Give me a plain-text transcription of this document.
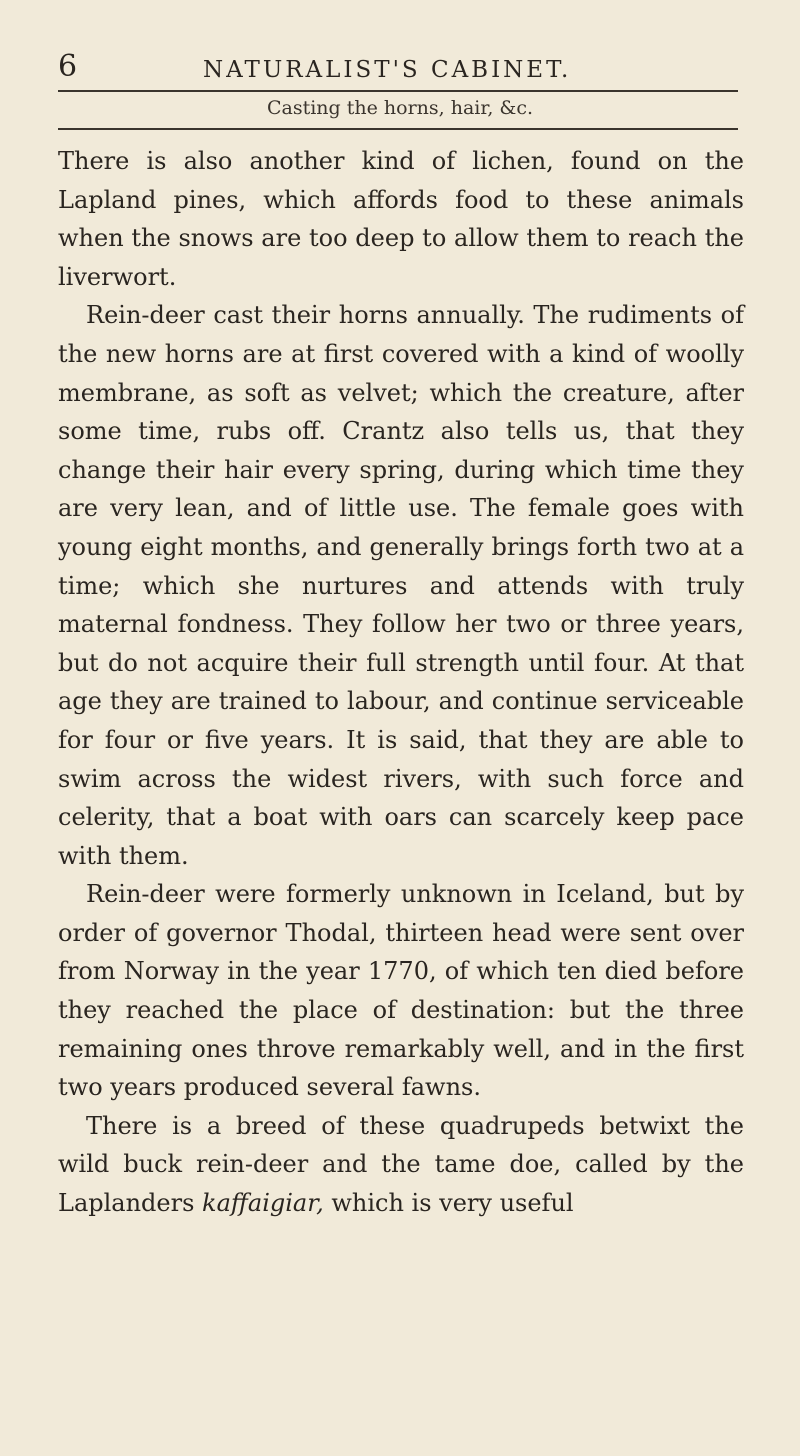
6	NATURALIST'S CABINET.
Casting the horns, hair, &c.

There is also another kind of lichen, found on the Lapland pines, which affords food to these animals when the snows are too deep to allow them to reach the liverwort.

Rein-deer cast their horns annually. The rudiments of the new horns are at first covered with a kind of woolly membrane, as soft as velvet; which the creature, after some time, rubs off. Crantz also tells us, that they change their hair every spring, during which time they are very lean, and of little use. The female goes with young eight months, and generally brings forth two at a time; which she nurtures and attends with truly maternal fondness. They follow her two or three years, but do not acquire their full strength until four. At that age they are trained to labour, and continue serviceable for four or five years. It is said, that they are able to swim across the widest rivers, with such force and celerity, that a boat with oars can scarcely keep pace with them.

Rein-deer were formerly unknown in Iceland, but by order of governor Thodal, thirteen head were sent over from Norway in the year 1770, of which ten died before they reached the place of destination: but the three remaining ones throve remarkably well, and in the first two years produced several fawns.

There is a breed of these quadrupeds betwixt the wild buck rein-deer and the tame doe, called by the Laplanders kaffaigiar, which is very useful
